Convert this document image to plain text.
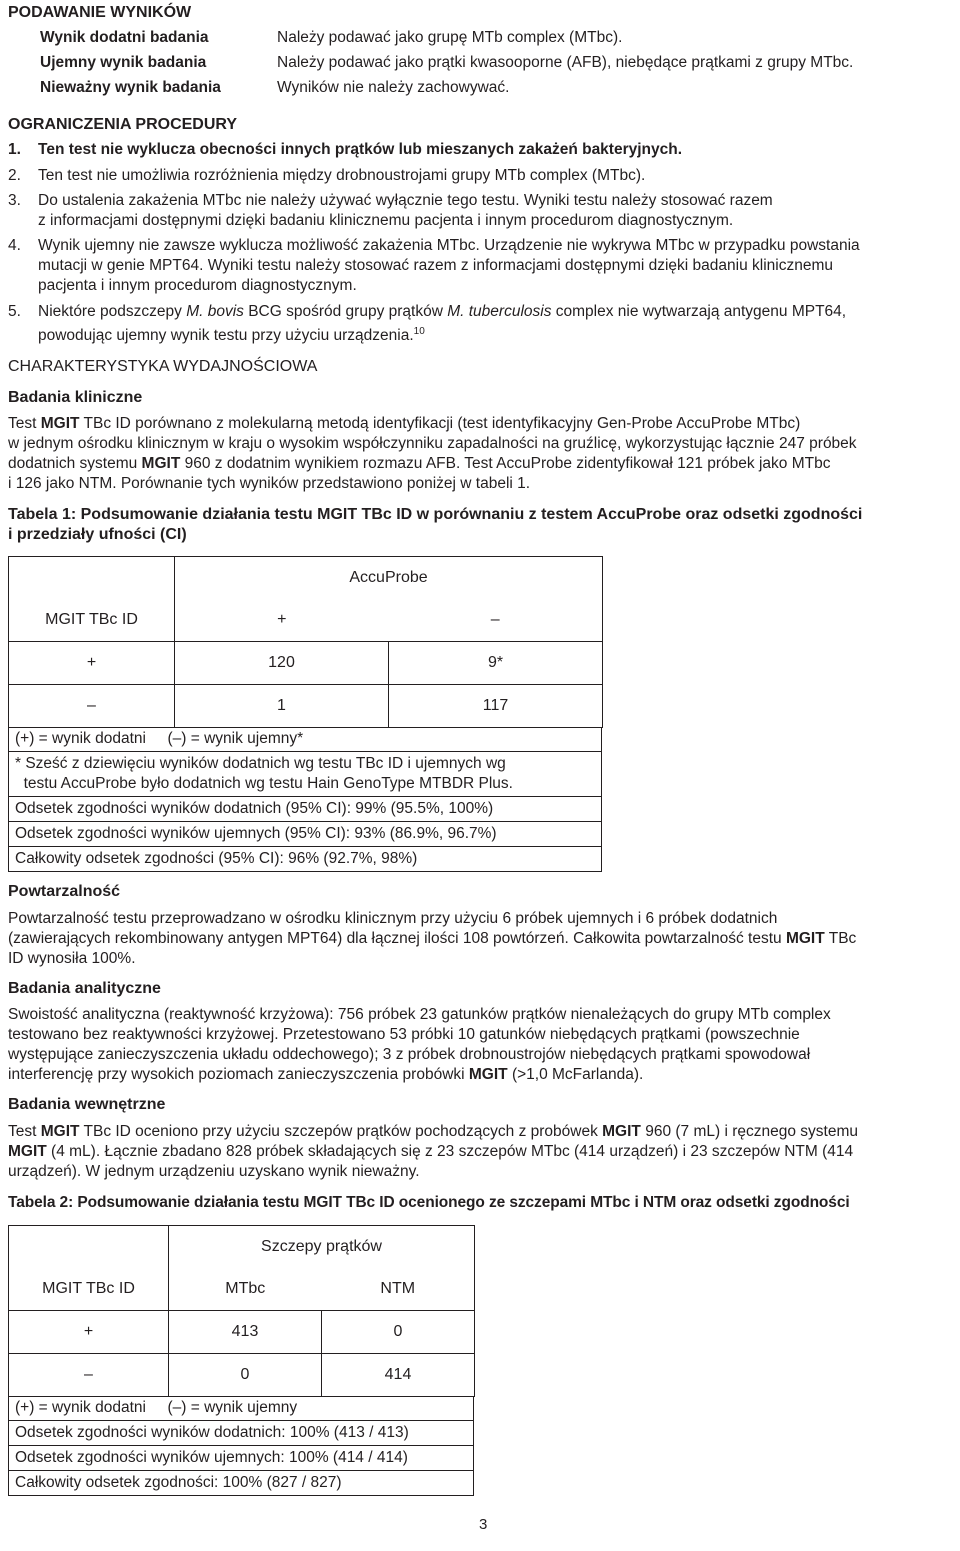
PODAWANIE WYNIKÓW
Wynik dodatni badania	Należy podawać jako grupę MTb complex (MTbc).
Ujemny wynik badania	Należy podawać jako prątki kwasooporne (AFB), niebędące prątkami z grupy MTbc.
Nieważny wynik badania	Wyników nie należy zachowywać.
OGRANICZENIA PROCEDURY
1. Ten test nie wyklucza obecności innych prątków lub mieszanych zakażeń bakteryjnych.
2. Ten test nie umożliwia rozróżnienia między drobnoustrojami grupy MTb complex (MTbc).
3. Do ustalenia zakażenia MTbc nie należy używać wyłącznie tego testu. Wyniki testu należy stosować razem
z informacjami dostępnymi dzięki badaniu klinicznemu pacjenta i innym procedurom diagnostycznym.
4. Wynik ujemny nie zawsze wyklucza możliwość zakażenia MTbc. Urządzenie nie wykrywa MTbc w przypadku powstania
mutacji w genie MPT64. Wyniki testu należy stosować razem z informacjami dostępnymi dzięki badaniu klinicznemu
pacjenta i innym procedurom diagnostycznym.
5. Niektóre podszczepy M. bovis BCG spośród grupy prątków M. tuberculosis complex nie wytwarzają antygenu MPT64,
powodując ujemny wynik testu przy użyciu urządzenia.$^{10}$
CHARAKTERYSTYKA WYDAJNOŚCIOWA
Badania kliniczne
Test MGIT TBc ID porównano z molekularną metodą identyfikacji (test identyfikacyjny Gen-Probe AccuProbe MTbc)
w jednym ośrodku klinicznym w kraju o wysokim współczynniku zapadalności na gruźlicę, wykorzystując łącznie 247 próbek
dodatnich systemu MGIT 960 z dodatnim wynikiem rozmazu AFB. Test AccuProbe zidentyfikował 121 próbek jako MTbc
i 126 jako NTM. Porównanie tych wyników przedstawiono poniżej w tabeli 1.
Tabela 1: Podsumowanie działania testu MGIT TBc ID w porównaniu z testem AccuProbe oraz odsetki zgodności
i przedziały ufności (CI)
	AccuProbe	
MGIT TBc ID	+	–
+	120	9*
–	1	117
(+) = wynik dodatni     (–) = wynik ujemny*
* Sześć z dziewięciu wyników dodatnich wg testu TBc ID i ujemnych wg
testu AccuProbe było dodatnich wg testu Hain GenoType MTBDR Plus.
Odsetek zgodności wyników dodatnich (95% CI): 99% (95.5%, 100%)
Odsetek zgodności wyników ujemnych (95% CI): 93% (86.9%, 96.7%)
Całkowity odsetek zgodności (95% CI): 96% (92.7%, 98%)
Powtarzalność
Powtarzalność testu przeprowadzano w ośrodku klinicznym przy użyciu 6 próbek ujemnych i 6 próbek dodatnich
(zawierających rekombinowany antygen MPT64) dla łącznej ilości 108 powtórzeń. Całkowita powtarzalność testu MGIT TBc
ID wynosiła 100%.
Badania analityczne
Swoistość analityczna (reaktywność krzyżowa): 756 próbek 23 gatunków prątków nienależących do grupy MTb complex
testowano bez reaktywności krzyżowej. Przetestowano 53 próbki 10 gatunków niebędących prątkami (powszechnie
występujące zanieczyszczenia układu oddechowego); 3 z próbek drobnoustrojów niebędących prątkami spowodował
interferencję przy wysokich poziomach zanieczyszczenia probówki MGIT (>1,0 McFarlanda).
Badania wewnętrzne
Test MGIT TBc ID oceniono przy użyciu szczepów prątków pochodzących z probówek MGIT 960 (7 mL) i ręcznego systemu
MGIT (4 mL). Łącznie zbadano 828 próbek składających się z 23 szczepów MTbc (414 urządzeń) i 23 szczepów NTM (414
urządzeń). W jednym urządzeniu uzyskano wynik nieważny.
Tabela 2: Podsumowanie działania testu MGIT TBc ID ocenionego ze szczepami MTbc i NTM oraz odsetki zgodności
	Szczepy prątków	
MGIT TBc ID	MTbc	NTM
+	413	0
–	0	414
(+) = wynik dodatni     (–) = wynik ujemny
Odsetek zgodności wyników dodatnich: 100% (413 / 413)
Odsetek zgodności wyników ujemnych: 100% (414 / 414)
Całkowity odsetek zgodności: 100% (827 / 827)
3
